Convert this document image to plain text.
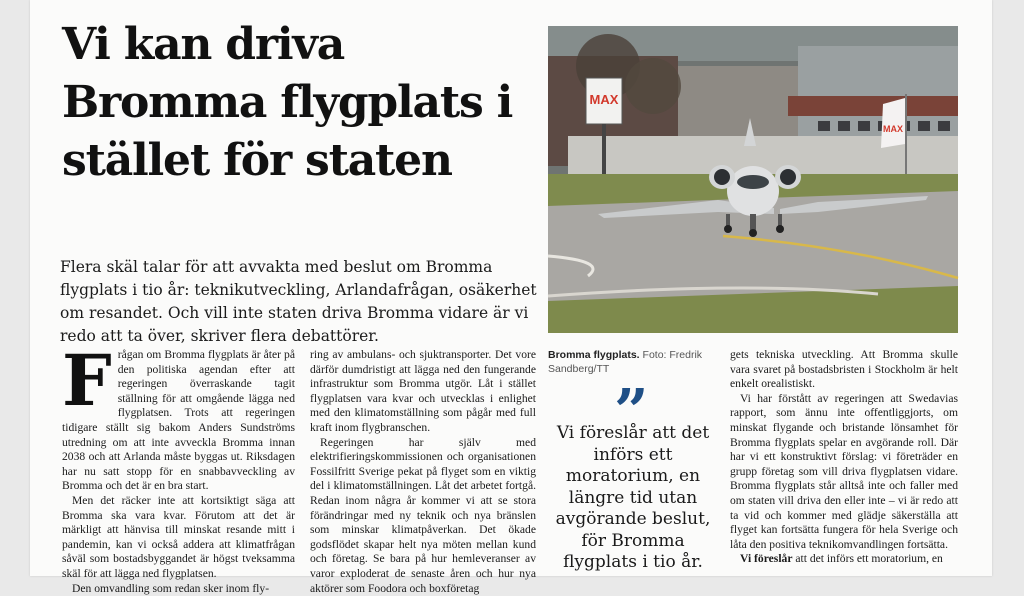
Vi kan driva Bromma flygplats i stället för staten
MAX
MAX

Flera skäl talar för att avvakta med beslut om Bromma flygplats i tio år: teknikutveckling, Arlandafrågan, osäkerhet om resandet. Och vill inte staten driva Bromma vidare är vi redo att ta över, skriver flera debattörer.

F rågan om Bromma flygplats är åter på den politiska agendan efter att regeringen överraskande tagit ställning för att omgående lägga ned flygplatsen. Trots att regeringen tidigare ställt sig bakom Anders Sundströms utredning om att inte avveckla Bromma innan 2038 och att Arlanda måste byggas ut. Riksdagen har nu satt stopp för en snabbavveckling av Bromma och det är en bra start.

Men det räcker inte att kortsiktigt säga att Bromma ska vara kvar. Förutom att det är märkligt att hänvisa till minskat resande mitt i pandemin, kan vi också addera att klimatfrågan såväl som bostadsbyggandet är högst tveksamma skäl för att lägga ned flygplatsen.

Den omvandling som redan sker inom fly-

ring av ambulans- och sjuktransporter. Det vore därför dumdristigt att lägga ned den fungerande infrastruktur som Bromma utgör. Låt i stället flygplatsen vara kvar och utvecklas i enlighet med den klimatomställning som pågår med full kraft inom flygbranschen.

Regeringen har själv med elektrifieringskommissionen och organisationen Fossilfritt Sverige pekat på flyget som en viktig del i klimatomställningen. Låt det arbetet fortgå. Redan inom några år kommer vi att se stora förändringar med ny teknik och nya bränslen som minskar klimatpåverkan. Det ökade godsflödet skapar helt nya möten mellan kund och företag. Se bara på hur hemleveranser av varor exploderat de senaste åren och hur nya aktörer som Foodora och boxföretag

Bromma flygplats. Foto: Fredrik Sandberg/TT
”

Vi föreslår att det införs ett moratorium, en längre tid utan avgörande beslut, för Bromma flygplats i tio år.

gets tekniska utveckling. Att Bromma skulle vara svaret på bostadsbristen i Stockholm är helt enkelt orealistiskt.

Vi har förstått av regeringen att Swedavias rapport, som ännu inte offentliggjorts, om minskat flygande och bristande lönsamhet för Bromma flygplats spelar en avgörande roll. Där har vi ett konstruktivt förslag: vi företräder en grupp företag som vill driva flygplatsen vidare. Bromma flygplats står alltså inte och faller med om staten vill driva den eller inte – vi är redo att ta vid och kommer med glädje säkerställa att flyget kan fortsätta fungera för hela Sverige och låta den positiva teknikomvandlingen fortsätta.

Vi föreslår att det införs ett moratorium, en
